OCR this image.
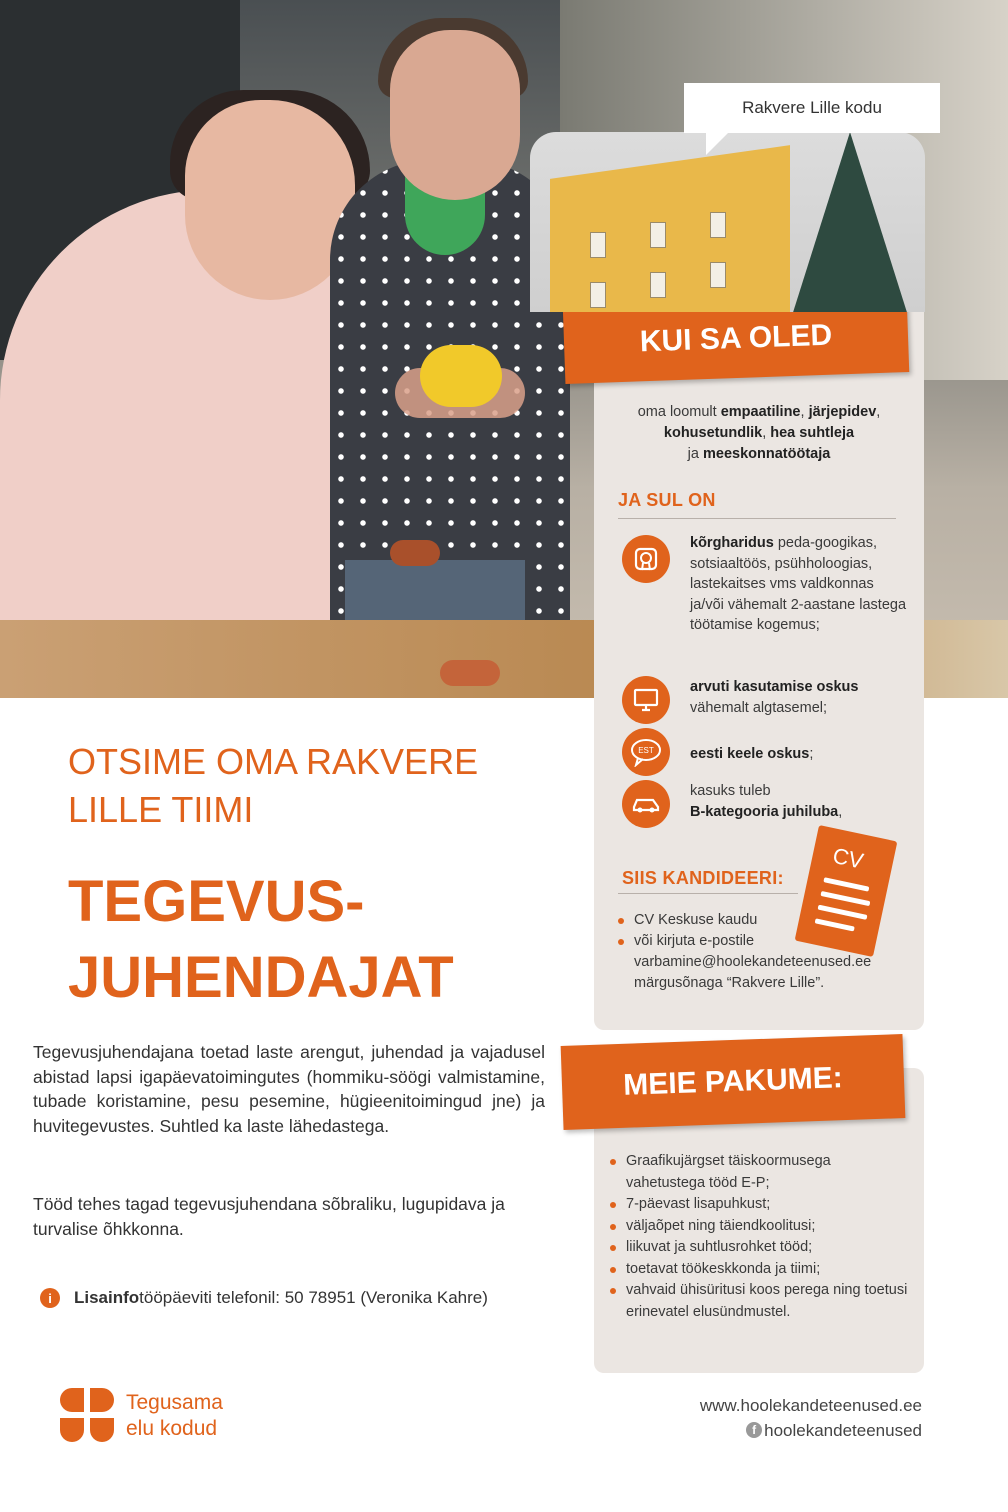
Rakvere Lille kodu
KUI SA OLED
oma loomult empaatiline, järjepidev,
kohusetundlik, hea suhtleja
ja meeskonnatöötaja
JA SUL ON
kõrgharidus peda-googikas, sotsiaaltöös, psühholoogias, lastekaitses vms valdkonnas ja/või vähemalt 2-aastane lastega töötamise kogemus;
arvuti kasutamise oskus
vähemalt algtasemel;
EST eesti keele oskus;
kasuks tuleb
B-kategooria juhiluba,
CV
SIIS KANDIDEERI:
CV Keskuse kaudu
või kirjuta e-postile varbamine@hoolekandeteenused.ee märgusõnaga “Rakvere Lille”.
MEIE PAKUME:
Graafikujärgset täiskoormusega vahetustega tööd E-P;
7-päevast lisapuhkust;
väljaõpet ning täiendkoolitusi;
liikuvat ja suhtlusrohket tööd;
toetavat töökeskkonda ja tiimi;
vahvaid ühisüritusi koos perega ning toetusi erinevatel elusündmustel.
OTSIME OMA RAKVERE LILLE TIIMI
TEGEVUS-
JUHENDAJAT
Tegevusjuhendajana toetad laste arengut, juhendad ja vajadusel abistad lapsi igapäevatoimingutes (hommiku-söögi valmistamine, tubade koristamine, pesu pesemine, hügieenitoimingud jne) ja huvitegevustes. Suhtled ka laste lähedastega.
Tööd tehes tagad tegevusjuhendana sõbraliku, lugupidava ja turvalise õhkkonna.
i	Lisainfo tööpäeviti telefonil: 50 78951 (Veronika Kahre)
Tegusama
elu kodud
www.hoolekandeteenused.ee
f hoolekandeteenused
